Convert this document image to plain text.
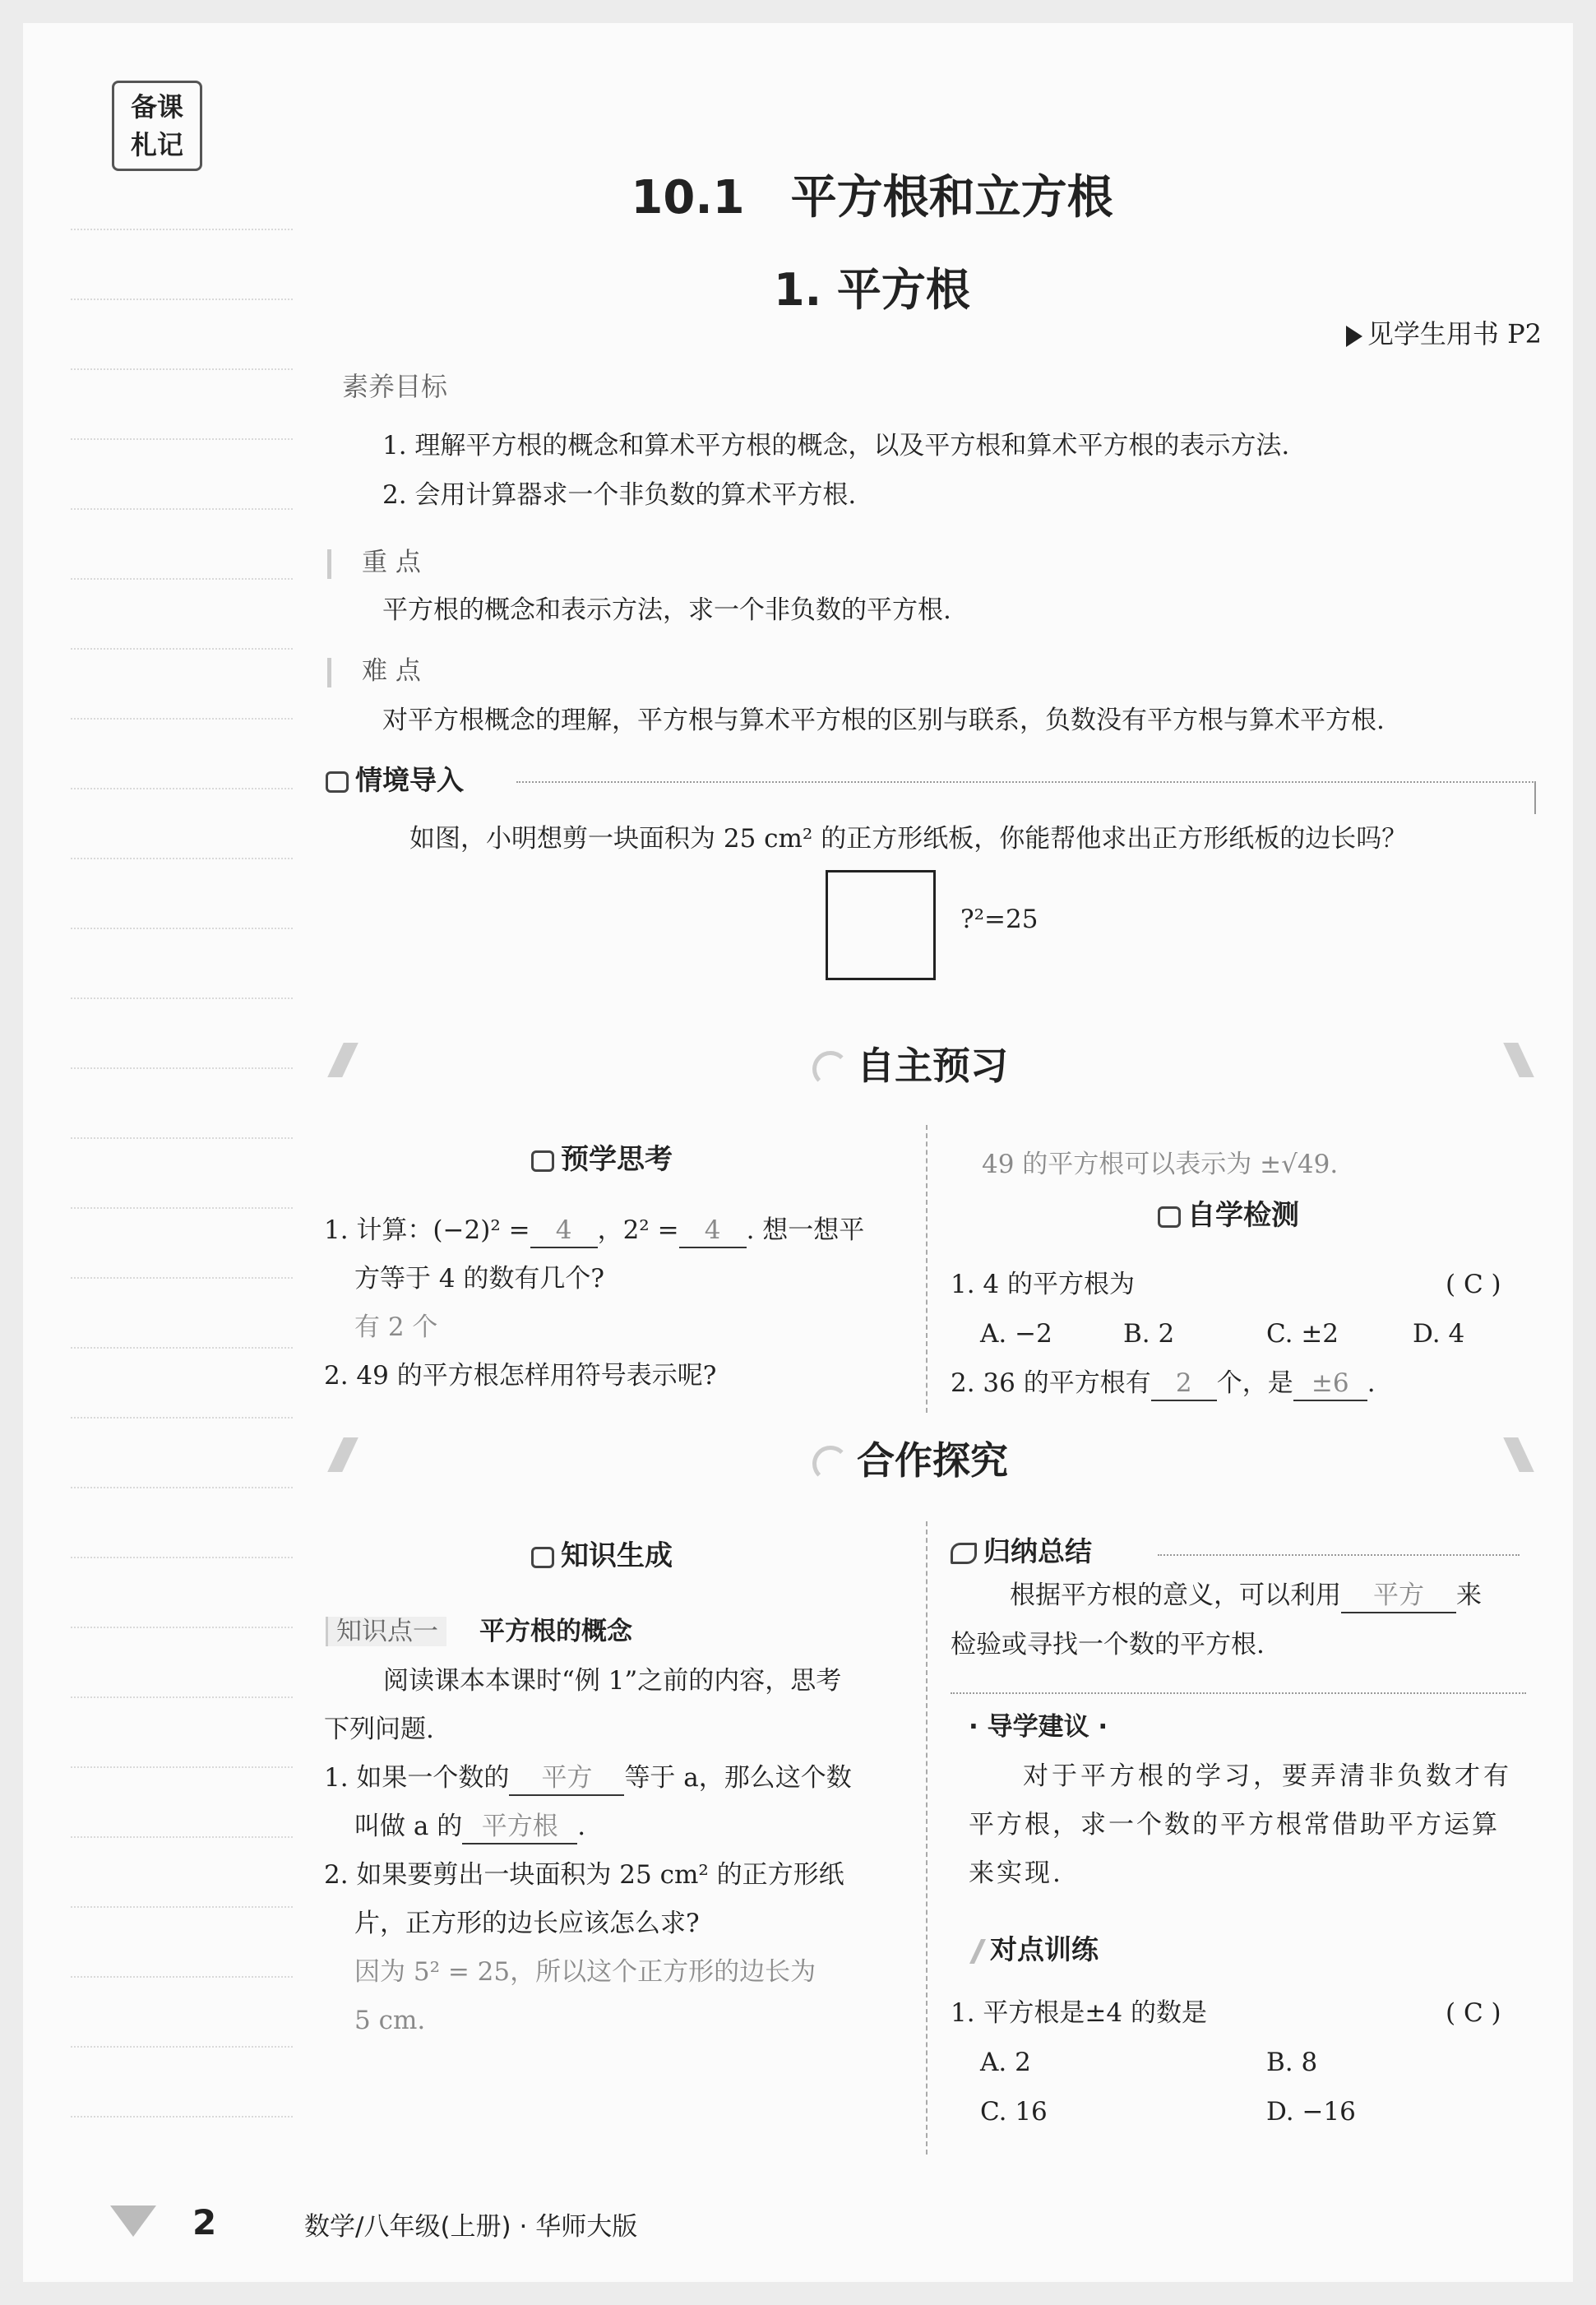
备课
札记
10.1　平方根和立方根
1. 平方根
见学生用书 P2
素养目标
1. 理解平方根的概念和算术平方根的概念，以及平方根和算术平方根的表示方法.
2. 会用计算器求一个非负数的算术平方根.
重 点
平方根的概念和表示方法，求一个非负数的平方根.
难 点
对平方根概念的理解，平方根与算术平方根的区别与联系，负数没有平方根与算术平方根.
情境导入
如图，小明想剪一块面积为 25 cm² 的正方形纸板，你能帮他求出正方形纸板的边长吗？
?²=25
自主预习
预学思考
1. 计算：(−2)² = 4 ，2² = 4 . 想一想平
方等于 4 的数有几个?
有 2 个
2. 49 的平方根怎样用符号表示呢?
49 的平方根可以表示为 ±√49.
自学检测
1. 4 的平方根为	( C )
A. −2	B. 2	C. ±2	D. 4
2. 36 的平方根有 2 个，是 ±6 .
合作探究
知识生成
知识点一 平方根的概念
阅读课本本课时“例 1”之前的内容，思考
下列问题.
1. 如果一个数的 平方 等于 a，那么这个数
叫做 a 的 平方根 .
2. 如果要剪出一块面积为 25 cm² 的正方形纸
片，正方形的边长应该怎么求?
因为 5² = 25，所以这个正方形的边长为
5 cm.
归纳总结
根据平方根的意义，可以利用 平方 来
检验或寻找一个数的平方根.
· 导学建议 ·
对于平方根的学习，要弄清非负数才有
平方根，求一个数的平方根常借助平方运算
来实现.
对点训练
1. 平方根是±4 的数是	( C )
A. 2	B. 8
C. 16	D. −16
2	数学/八年级(上册) · 华师大版
